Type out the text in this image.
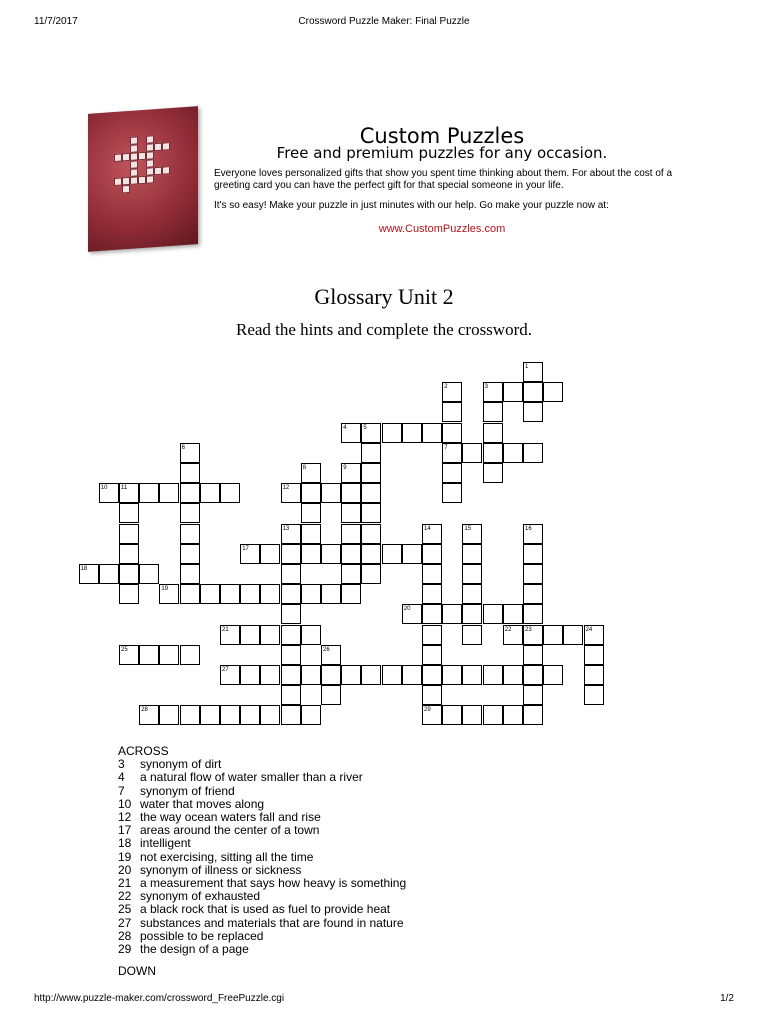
11/7/2017	Crossword Puzzle Maker: Final Puzzle
Custom Puzzles
Free and premium puzzles for any occasion.
Everyone loves personalized gifts that show you spent time thinking about them. For about the cost of a greeting card you can have the perfect gift for that special someone in your life.
It's so easy! Make your puzzle in just minutes with our help. Go make your puzzle now at:
www.CustomPuzzles.com
Glossary Unit 2
Read the hints and complete the crossword.
1
2	3
4	5
6	7
8	9
10 11	12
13	14	15	16
17
18
19
20
21	22 23	24
25	26
27
28	29
ACROSS
3 synonym of dirt
4 a natural flow of water smaller than a river
7 synonym of friend
10 water that moves along
12 the way ocean waters fall and rise
17 areas around the center of a town
18 intelligent
19 not exercising, sitting all the time
20 synonym of illness or sickness
21 a measurement that says how heavy is something
22 synonym of exhausted
25 a black rock that is used as fuel to provide heat
27 substances and materials that are found in nature
28 possible to be replaced
29 the design of a page
DOWN
http://www.puzzle-maker.com/crossword_FreePuzzle.cgi	1/2
